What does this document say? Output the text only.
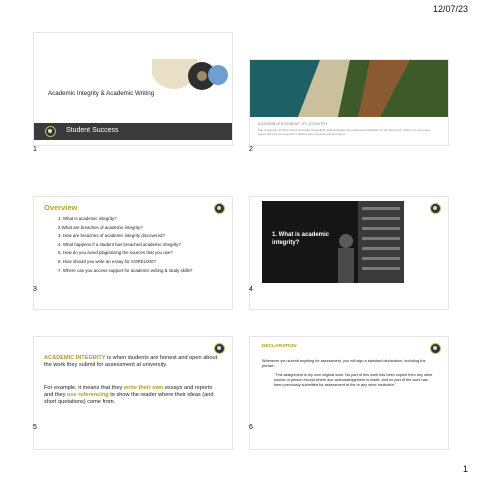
12/07/23
Academic Integrity & Academic Writing
Student Success
1
ACKNOWLEDGEMENT OF COUNTRY
The University of Notre Dame Australia respectfully acknowledges the traditional custodians of the land upon which our campuses stand. We pay our respects to Elders past, present and emerging.
2
Overview
1. What is academic integrity?
2.What are breaches of academic integrity?
3. How are breaches of academic integrity discovered?
4. What happens if a student has breached academic integrity?
5. How do you avoid plagiarizing the sources that you use?
6. How should you write an essay for CORE1000?
7. Where can you access support for academic writing & study skills?
3
1. What is academic integrity?
4
ACADEMIC INTEGRITY is when students are honest and open about the work they submit for assessment at university.
For example, it means that they write their own essays and reports and they use referencing to show the reader where their ideas (and short quotations) come from.
5
DECLARATION
Whenever you submit anything for assessment, you will sign a standard declaration, including the phrase:
"This assignment is my own original work. No part of this work has been copied from any other source or person except where due acknowledgement is made, and no part of the work has been previously submitted for assessment at the or any other institution."
6
1
